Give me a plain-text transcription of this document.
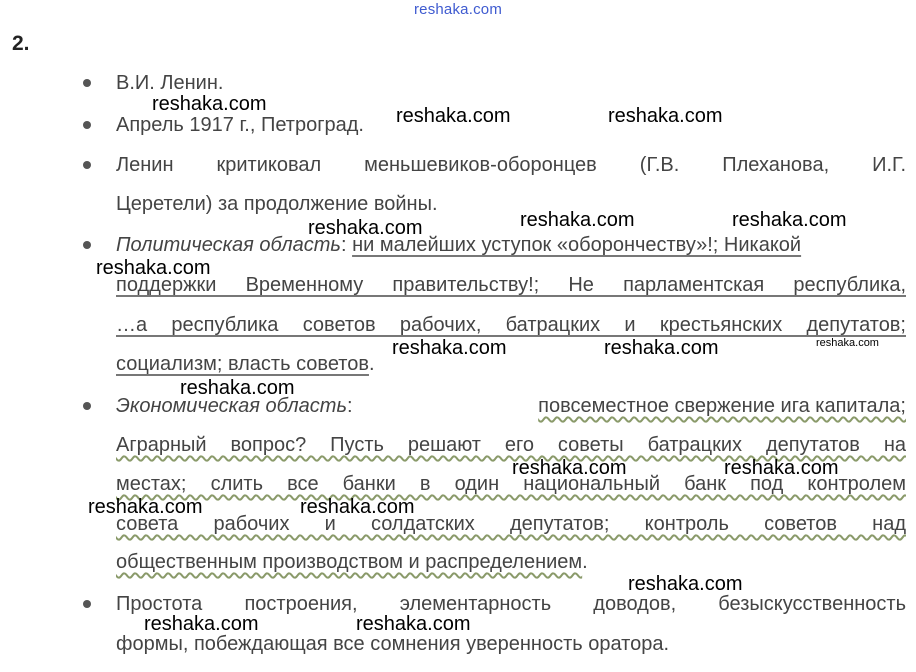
reshaka.com
2.
В.И. Ленин.
Апрель 1917 г., Петроград.
Ленин критиковал меньшевиков-оборонцев (Г.В. Плеханова, И.Г.
Церетели) за продолжение войны.
Политическая область: ни малейших уступок «оборончеству»!; Никакой
поддержки Временному правительству!; Не парламентская республика,
…а республика советов рабочих, батрацких и крестьянских депутатов;
социализм; власть советов.
Экономическая область:	повсеместное свержение ига капитала;
Аграрный вопрос? Пусть решают его советы батрацких депутатов на
местах; слить все банки в один национальный банк под контролем
совета рабочих и солдатских депутатов; контроль советов над
общественным производством и распределением.
Простота построения, элементарность доводов, безыскусственность
формы, побеждающая все сомнения уверенность оратора.
reshaka.com
reshaka.com	reshaka.com
reshaka.com	reshaka.com	reshaka.com
reshaka.com
reshaka.com	reshaka.com	reshaka.com
reshaka.com
reshaka.com	reshaka.com
reshaka.com	reshaka.com
reshaka.com
reshaka.com	reshaka.com
